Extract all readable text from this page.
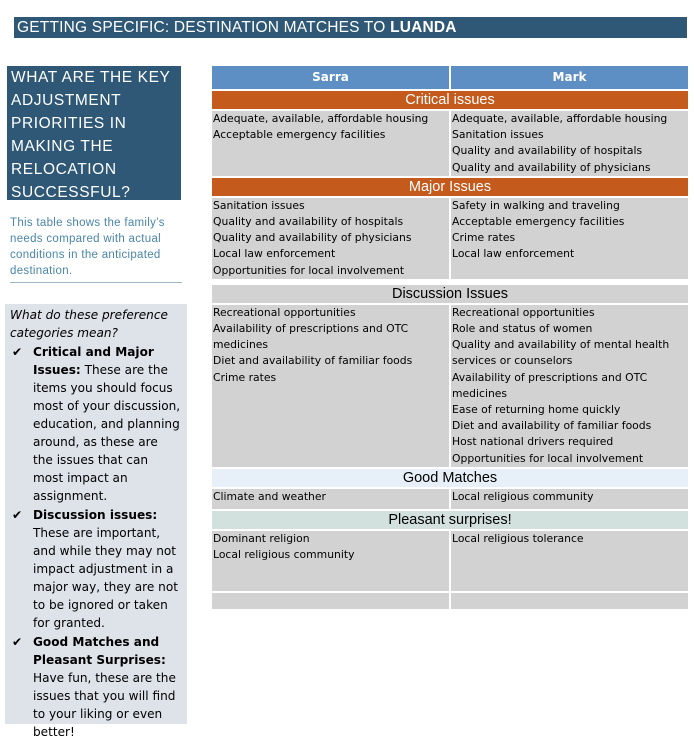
GETTING SPECIFIC: DESTINATION MATCHES TO LUANDA
WHAT ARE THE KEY ADJUSTMENT PRIORITIES IN MAKING THE RELOCATION SUCCESSFUL?
This table shows the family’s needs compared with actual conditions in the anticipated destination.
What do these preference categories mean?
✔ Critical and Major Issues: These are the items you should focus most of your discussion, education, and planning around, as these are the issues that can most impact an assignment.
✔ Discussion issues: These are important, and while they may not impact adjustment in a major way, they are not to be ignored or taken for granted.
✔ Good Matches and Pleasant Surprises: Have fun, these are the issues that you will find to your liking or even better!
Sarra	Mark
Critical issues
Adequate, available, affordable housing
Acceptable emergency facilities
Adequate, available, affordable housing
Sanitation issues
Quality and availability of hospitals
Quality and availability of physicians
Major Issues
Sanitation issues
Quality and availability of hospitals
Quality and availability of physicians
Local law enforcement
Opportunities for local involvement
Safety in walking and traveling
Acceptable emergency facilities
Crime rates
Local law enforcement
Discussion Issues
Recreational opportunities
Availability of prescriptions and OTC medicines
Diet and availability of familiar foods
Crime rates
Recreational opportunities
Role and status of women
Quality and availability of mental health services or counselors
Availability of prescriptions and OTC medicines
Ease of returning home quickly
Diet and availability of familiar foods
Host national drivers required
Opportunities for local involvement
Good Matches
Climate and weather	Local religious community
Pleasant surprises!
Dominant religion
Local religious community
Local religious tolerance
